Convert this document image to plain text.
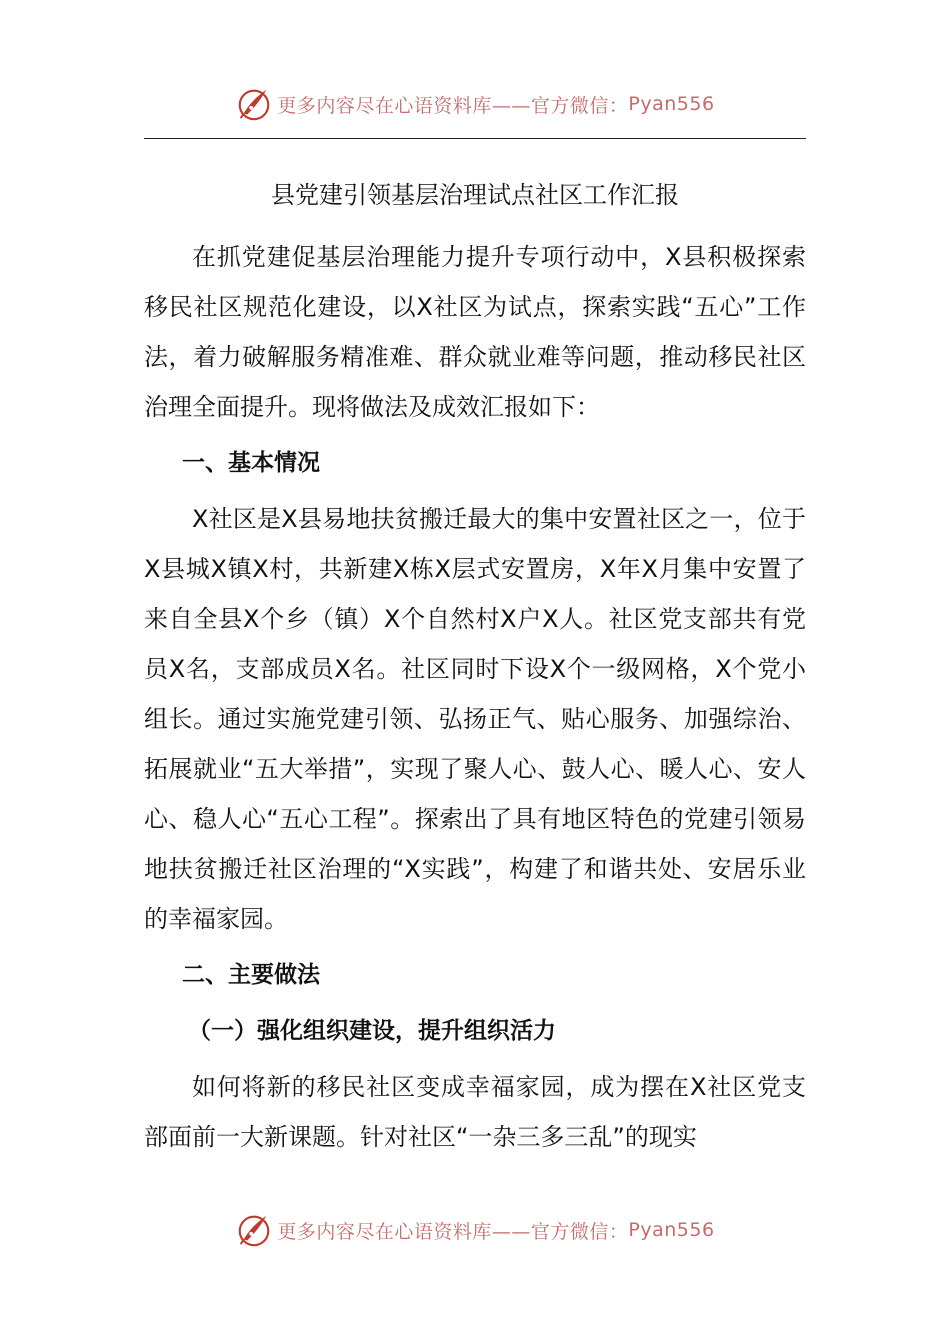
更多内容尽在心语资料库——官方微信： Pyan556
县党建引领基层治理试点社区工作汇报

在抓党建促基层治理能力提升专项行动中，X县积极探索移民社区规范化建设，以X社区为试点，探索实践“五心”工作法，着力破解服务精准难、群众就业难等问题，推动移民社区治理全面提升。现将做法及成效汇报如下：

一、基本情况

X社区是X县易地扶贫搬迁最大的集中安置社区之一，位于X县城X镇X村，共新建X栋X层式安置房，X年X月集中安置了来自全县X个乡（镇）X个自然村X户X人。社区党支部共有党员X名，支部成员X名。社区同时下设X个一级网格，X个党小组长。通过实施党建引领、弘扬正气、贴心服务、加强综治、拓展就业“五大举措”，实现了聚人心、鼓人心、暖人心、安人心、稳人心“五心工程”。探索出了具有地区特色的党建引领易地扶贫搬迁社区治理的“X实践”，构建了和谐共处、安居乐业的幸福家园。

二、主要做法

（一）强化组织建设，提升组织活力

如何将新的移民社区变成幸福家园，成为摆在X社区党支部面前一大新课题。针对社区“一杂三多三乱”的现实

更多内容尽在心语资料库——官方微信： Pyan556
